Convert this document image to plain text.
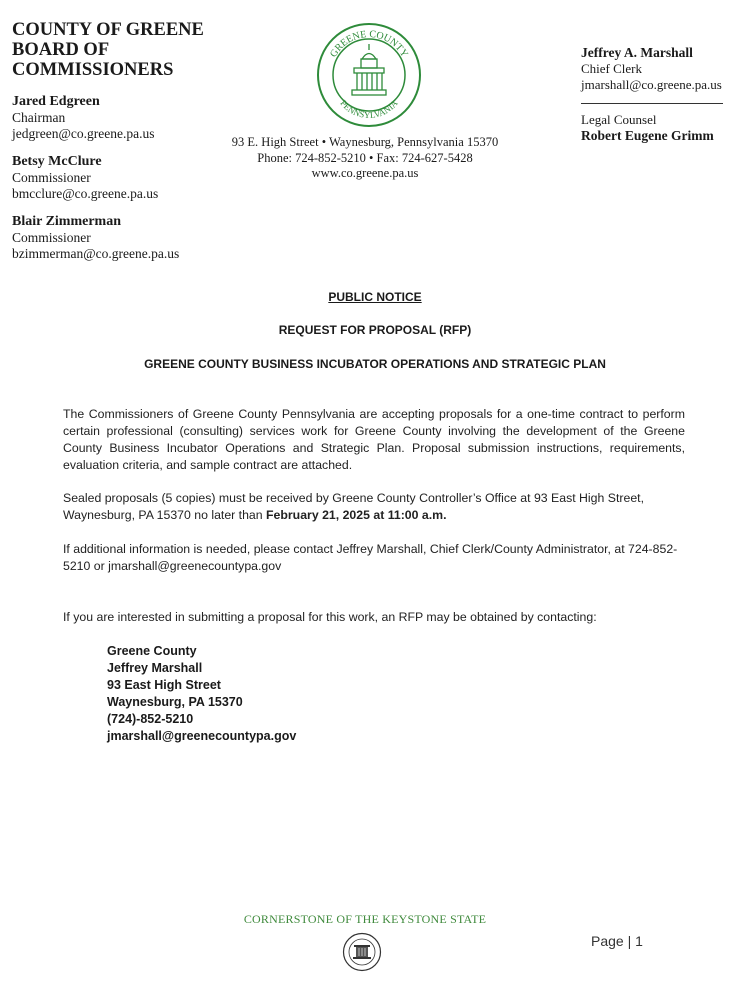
COUNTY OF GREENE
BOARD OF
COMMISSIONERS
Jared Edgreen
Chairman
jedgreen@co.greene.pa.us
Betsy McClure
Commissioner
bmcclure@co.greene.pa.us
Blair Zimmerman
Commissioner
bzimmerman@co.greene.pa.us
GREENE COUNTY
PENNSYLVANIA
93 E. High Street • Waynesburg, Pennsylvania 15370
Phone: 724-852-5210 • Fax: 724-627-5428
www.co.greene.pa.us
Jeffrey A. Marshall
Chief Clerk
jmarshall@co.greene.pa.us
Legal Counsel
Robert Eugene Grimm
PUBLIC NOTICE
REQUEST FOR PROPOSAL (RFP)
GREENE COUNTY BUSINESS INCUBATOR OPERATIONS AND STRATEGIC PLAN
The Commissioners of Greene County Pennsylvania are accepting proposals for a one-time contract to perform certain professional (consulting) services work for Greene County involving the development of the Greene County Business Incubator Operations and Strategic Plan. Proposal submission instructions, requirements, evaluation criteria, and sample contract are attached.
Sealed proposals (5 copies) must be received by Greene County Controller’s Office at 93 East High Street, Waynesburg, PA 15370 no later than February 21, 2025 at 11:00 a.m.
If additional information is needed, please contact Jeffrey Marshall, Chief Clerk/County Administrator, at 724-852-5210 or jmarshall@greenecountypa.gov
If you are interested in submitting a proposal for this work, an RFP may be obtained by contacting:
Greene County
Jeffrey Marshall
93 East High Street
Waynesburg, PA 15370
(724)-852-5210
jmarshall@greenecountypa.gov
CORNERSTONE OF THE KEYSTONE STATE
Page | 1
